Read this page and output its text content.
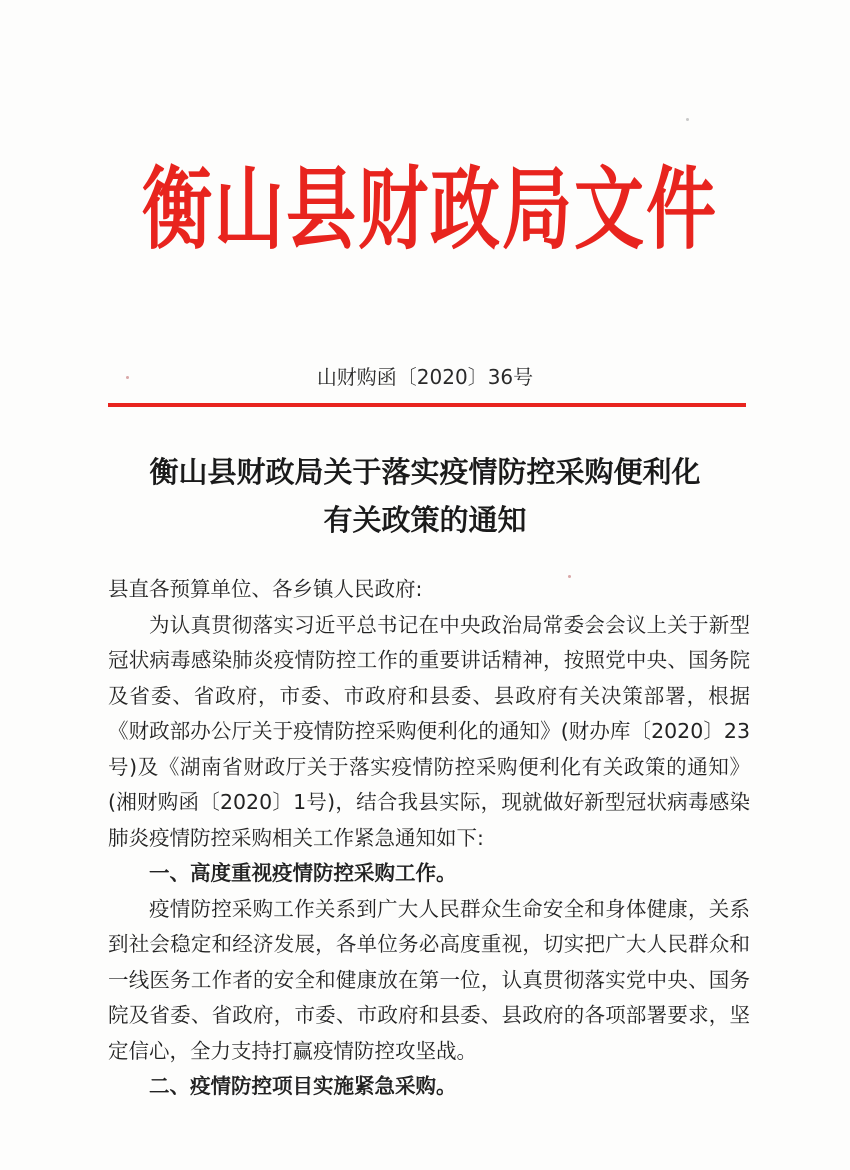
衡山县财政局文件
山财购函〔2020〕36号
衡山县财政局关于落实疫情防控采购便利化
有关政策的通知

县直各预算单位、各乡镇人民政府:

为认真贯彻落实习近平总书记在中央政治局常委会会议上关于新型冠状病毒感染肺炎疫情防控工作的重要讲话精神，按照党中央、国务院及省委、省政府，市委、市政府和县委、县政府有关决策部署，根据《财政部办公厅关于疫情防控采购便利化的通知》(财办库〔2020〕23号)及《湖南省财政厅关于落实疫情防控采购便利化有关政策的通知》(湘财购函〔2020〕1号)，结合我县实际，现就做好新型冠状病毒感染肺炎疫情防控采购相关工作紧急通知如下:

一、高度重视疫情防控采购工作。

疫情防控采购工作关系到广大人民群众生命安全和身体健康，关系到社会稳定和经济发展，各单位务必高度重视，切实把广大人民群众和一线医务工作者的安全和健康放在第一位，认真贯彻落实党中央、国务院及省委、省政府，市委、市政府和县委、县政府的各项部署要求，坚定信心，全力支持打赢疫情防控攻坚战。

二、疫情防控项目实施紧急采购。
